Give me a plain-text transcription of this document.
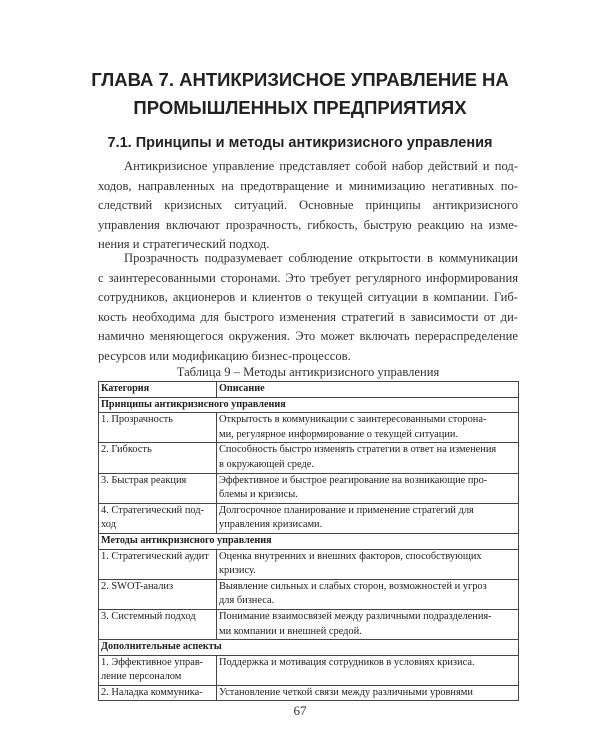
ГЛАВА 7. АНТИКРИЗИСНОЕ УПРАВЛЕНИЕ НА
ПРОМЫШЛЕННЫХ ПРЕДПРИЯТИЯХ
7.1. Принципы и методы антикризисного управления
Антикризисное управление представляет собой набор действий и под-
ходов, направленных на предотвращение и минимизацию негативных по-
следствий кризисных ситуаций. Основные принципы антикризисного
управления включают прозрачность, гибкость, быструю реакцию на изме-
нения и стратегический подход.
Прозрачность подразумевает соблюдение открытости в коммуникации
с заинтересованными сторонами. Это требует регулярного информирования
сотрудников, акционеров и клиентов о текущей ситуации в компании. Гиб-
кость необходима для быстрого изменения стратегий в зависимости от ди-
намично меняющегося окружения. Это может включать перераспределение
ресурсов или модификацию бизнес-процессов.

Таблица 9 – Методы антикризисного управления

Категория	Описание
Принципы антикризисного управления	

1. Прозрачность	Открытость в коммуникации с заинтересованными сторона-
ми, регулярное информирование о текущей ситуации.

2. Гибкость	Способность быстро изменять стратегии в ответ на изменения
в окружающей среде.

3. Быстрая реакция	Эффективное и быстрое реагирование на возникающие про-
блемы и кризисы.

4. Стратегический под-
ход	Долгосрочное планирование и применение стратегий для
управления кризисами.

Методы антикризисного управления	

1. Стратегический аудит	Оценка внутренних и внешних факторов, способствующих
кризису.

2. SWOT-анализ	Выявление сильных и слабых сторон, возможностей и угроз
для бизнеса.

3. Системный подход	Понимание взаимосвязей между различными подразделения-
ми компании и внешней средой.

Дополнительные аспекты	

1. Эффективное управ-
ление персоналом	Поддержка и мотивация сотрудников в условиях кризиса.

2. Наладка коммуника-	Установление четкой связи между различными уровнями
67
